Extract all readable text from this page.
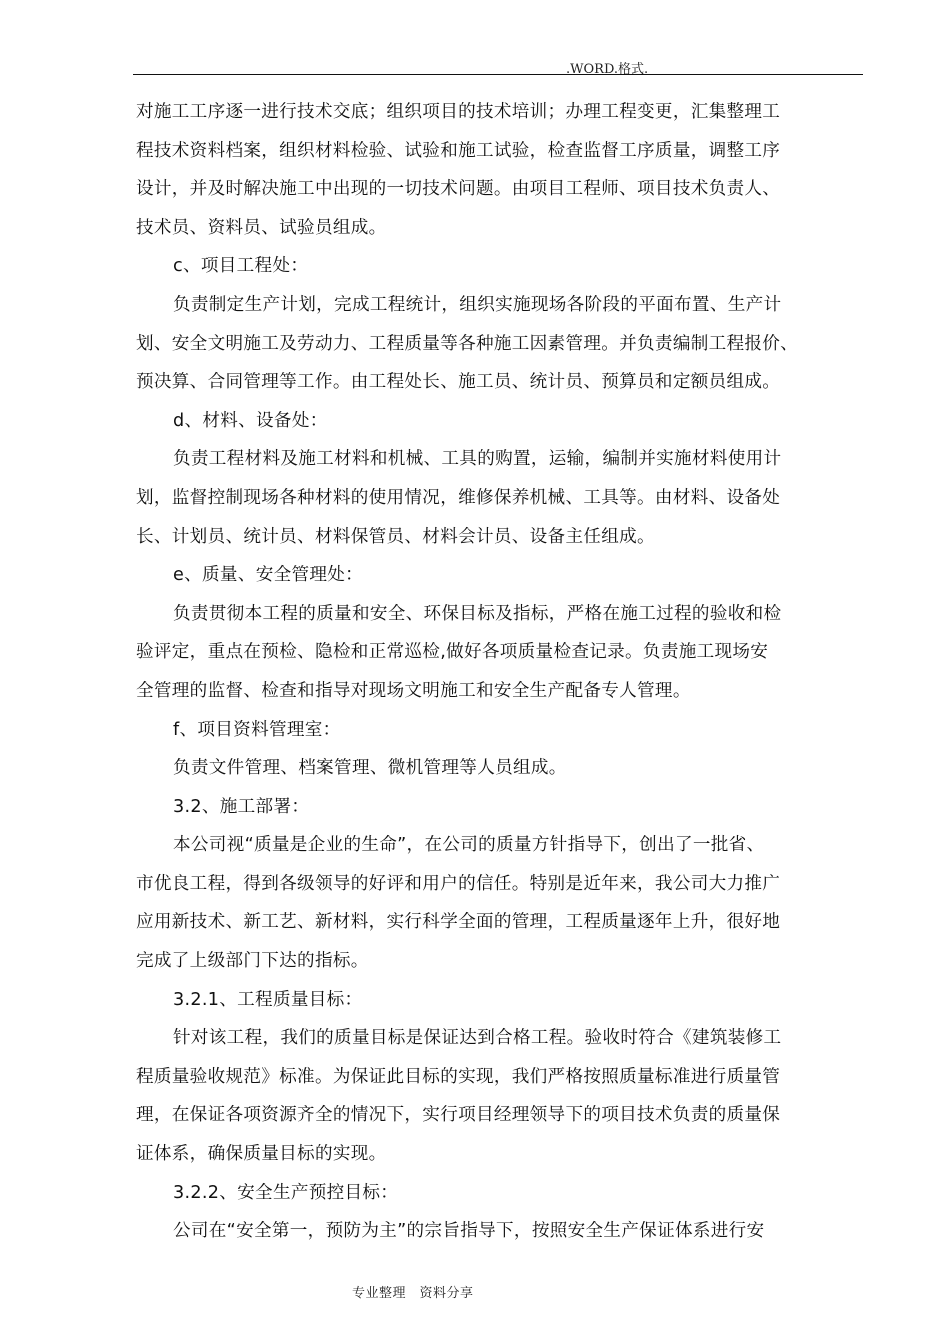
.WORD.格式.
对施工工序逐一进行技术交底；组织项目的技术培训；办理工程变更，汇集整理工
程技术资料档案，组织材料检验、试验和施工试验，检查监督工序质量，调整工序
设计，并及时解决施工中出现的一切技术问题。由项目工程师、项目技术负责人、
技术员、资料员、试验员组成。
c、项目工程处：
负责制定生产计划，完成工程统计，组织实施现场各阶段的平面布置、生产计
划、安全文明施工及劳动力、工程质量等各种施工因素管理。并负责编制工程报价、
预决算、合同管理等工作。由工程处长、施工员、统计员、预算员和定额员组成。
d、材料、设备处：
负责工程材料及施工材料和机械、工具的购置，运输，编制并实施材料使用计
划，监督控制现场各种材料的使用情况，维修保养机械、工具等。由材料、设备处
长、计划员、统计员、材料保管员、材料会计员、设备主任组成。
e、质量、安全管理处：
负责贯彻本工程的质量和安全、环保目标及指标，严格在施工过程的验收和检
验评定，重点在预检、隐检和正常巡检,做好各项质量检查记录。负责施工现场安
全管理的监督、检查和指导对现场文明施工和安全生产配备专人管理。
f、项目资料管理室：
负责文件管理、档案管理、微机管理等人员组成。
3.2、施工部署：
本公司视“质量是企业的生命”，在公司的质量方针指导下，创出了一批省、
市优良工程，得到各级领导的好评和用户的信任。特别是近年来，我公司大力推广
应用新技术、新工艺、新材料，实行科学全面的管理，工程质量逐年上升，很好地
完成了上级部门下达的指标。
3.2.1、工程质量目标：
针对该工程，我们的质量目标是保证达到合格工程。验收时符合《建筑装修工
程质量验收规范》标准。为保证此目标的实现，我们严格按照质量标准进行质量管
理，在保证各项资源齐全的情况下，实行项目经理领导下的项目技术负责的质量保
证体系，确保质量目标的实现。
3.2.2、安全生产预控目标：
公司在“安全第一，预防为主”的宗旨指导下，按照安全生产保证体系进行安
专业整理　资料分享
